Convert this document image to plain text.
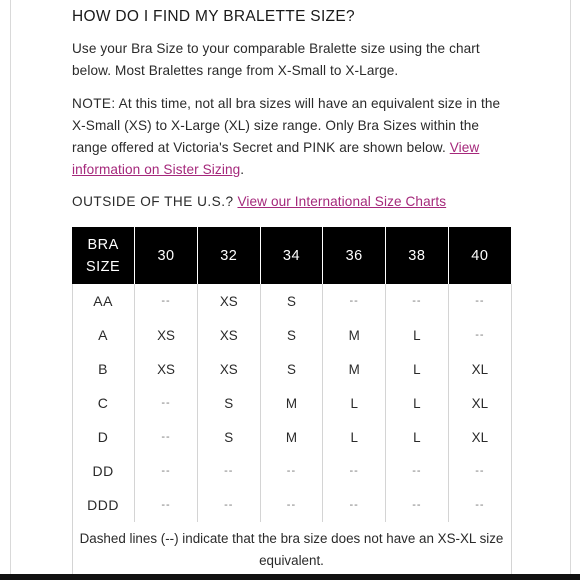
HOW DO I FIND MY BRALETTE SIZE?
Use your Bra Size to your comparable Bralette size using the chart below. Most Bralettes range from X-Small to X-Large.
NOTE: At this time, not all bra sizes will have an equivalent size in the X-Small (XS) to X-Large (XL) size range. Only Bra Sizes within the range offered at Victoria's Secret and PINK are shown below. View information on Sister Sizing.
OUTSIDE OF THE U.S.? View our International Size Charts
BRA
SIZE	30	32	34	36	38	40
AA	--	XS	S	--	--	--
A	XS	XS	S	M	L	--
B	XS	XS	S	M	L	XL
C	--	S	M	L	L	XL
D	--	S	M	L	L	XL
DD	--	--	--	--	--	--
DDD	--	--	--	--	--	--
Dashed lines (--) indicate that the bra size does not have an XS-XL size equivalent.
